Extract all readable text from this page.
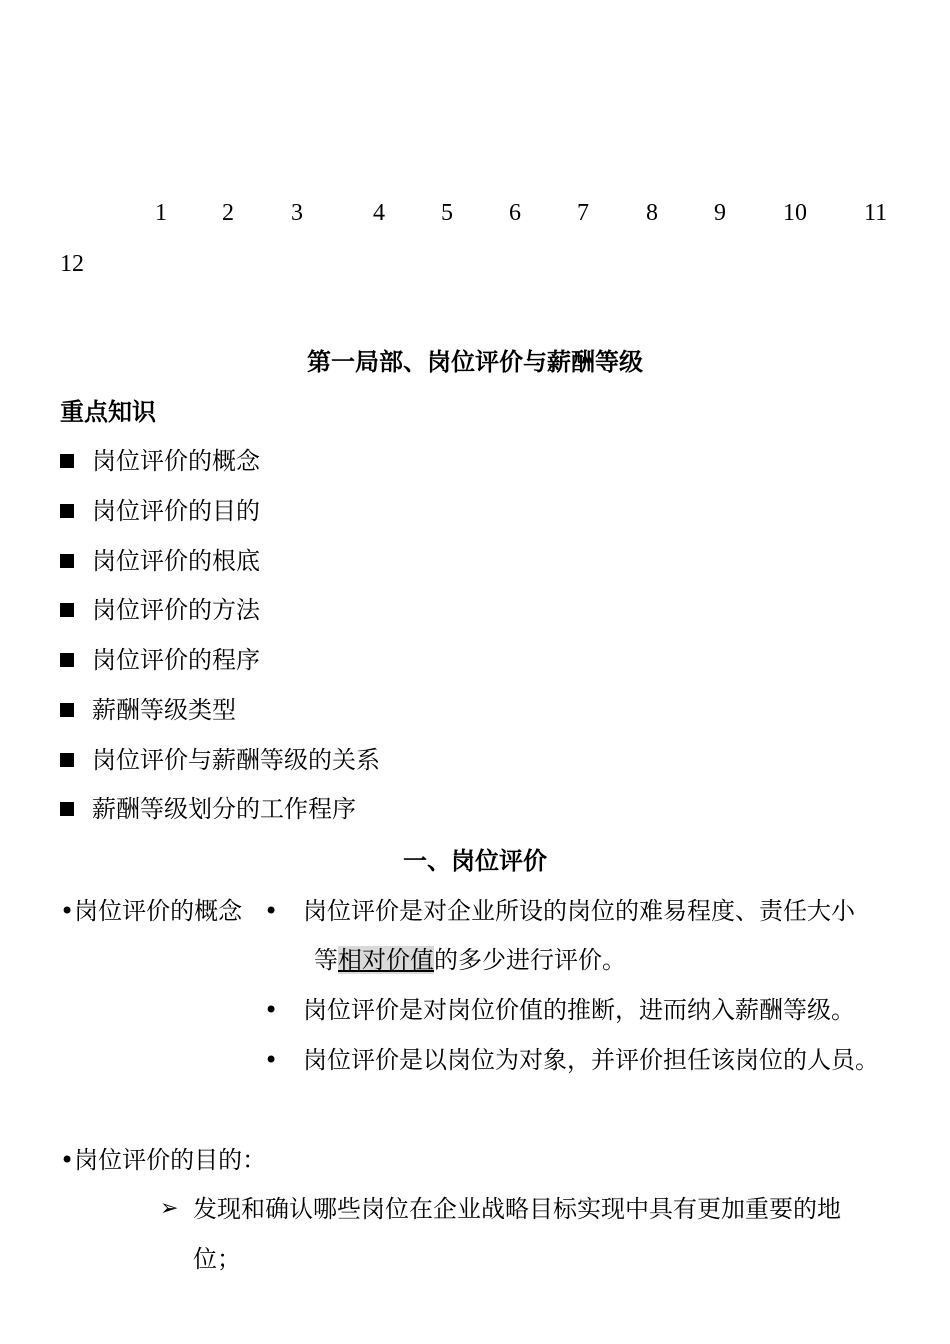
1 2 3	4 5 6 7 8 9 10 11
12
第一局部、岗位评价与薪酬等级
重点知识
岗位评价的概念
岗位评价的目的
岗位评价的根底
岗位评价的方法
岗位评价的程序
薪酬等级类型
岗位评价与薪酬等级的关系
薪酬等级划分的工作程序
一、岗位评价
•岗位评价的概念 • 岗位评价是对企业所设的岗位的难易程度、责任大小
等相对价值的多少进行评价。
• 岗位评价是对岗位价值的推断，进而纳入薪酬等级。
• 岗位评价是以岗位为对象，并评价担任该岗位的人员。
•岗位评价的目的：
➢ 发现和确认哪些岗位在企业战略目标实现中具有更加重要的地
位；
